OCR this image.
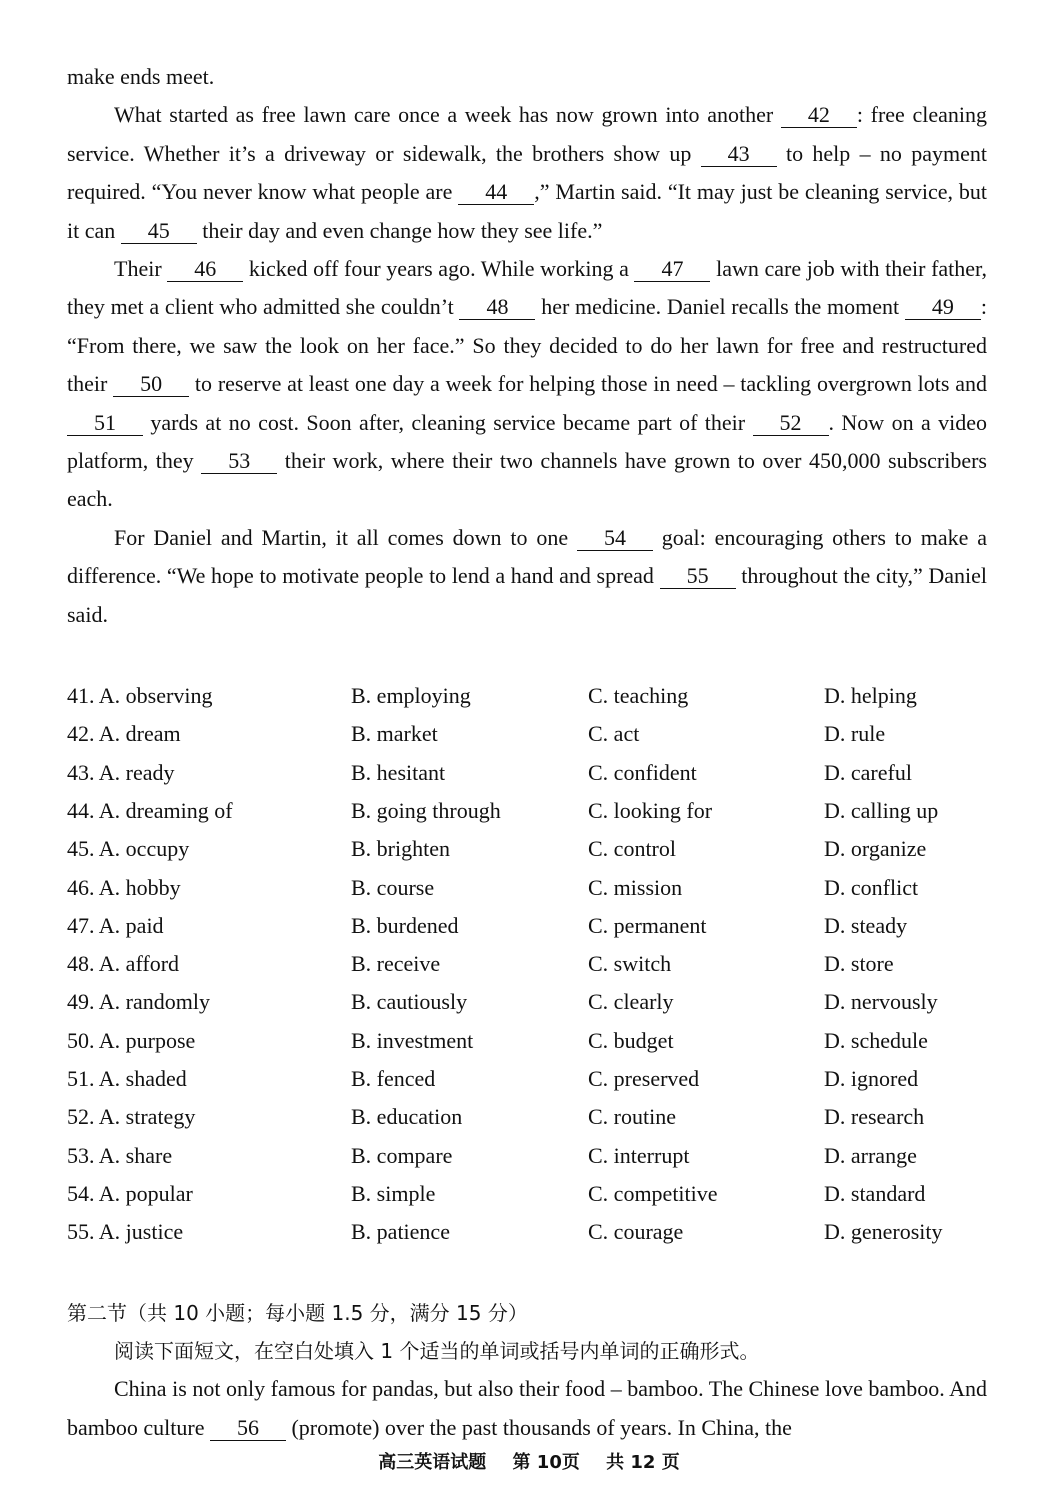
make ends meet.

What started as free lawn care once a week has now grown into another 42 : free cleaning service. Whether it’s a driveway or sidewalk, the brothers show up 43 to help – no payment required. “You never know what people are 44 ,” Martin said. “It may just be cleaning service, but it can 45 their day and even change how they see life.”

Their 46 kicked off four years ago. While working a 47 lawn care job with their father, they met a client who admitted she couldn’t 48 her medicine. Daniel recalls the moment 49 : “From there, we saw the look on her face.” So they decided to do her lawn for free and restructured their 50 to reserve at least one day a week for helping those in need – tackling overgrown lots and 51 yards at no cost. Soon after, cleaning service became part of their 52 . Now on a video platform, they 53 their work, where their two channels have grown to over 450,000 subscribers each.

For Daniel and Martin, it all comes down to one 54 goal: encouraging others to make a difference. “We hope to motivate people to lend a hand and spread 55 throughout the city,” Daniel said.

41. A. observing	B. employing	C. teaching	D. helping
42. A. dream	B. market	C. act	D. rule
43. A. ready	B. hesitant	C. confident	D. careful
44. A. dreaming of	B. going through	C. looking for	D. calling up
45. A. occupy	B. brighten	C. control	D. organize
46. A. hobby	B. course	C. mission	D. conflict
47. A. paid	B. burdened	C. permanent	D. steady
48. A. afford	B. receive	C. switch	D. store
49. A. randomly	B. cautiously	C. clearly	D. nervously
50. A. purpose	B. investment	C. budget	D. schedule
51. A. shaded	B. fenced	C. preserved	D. ignored
52. A. strategy	B. education	C. routine	D. research
53. A. share	B. compare	C. interrupt	D. arrange
54. A. popular	B. simple	C. competitive	D. standard
55. A. justice	B. patience	C. courage	D. generosity

第二节（共 10 小题；每小题 1.5 分，满分 15 分）

阅读下面短文，在空白处填入 1 个适当的单词或括号内单词的正确形式。

China is not only famous for pandas, but also their food – bamboo. The Chinese love bamboo. And bamboo culture 56 (promote) over the past thousands of years. In China, the

高三英语试题 第 10页 共 12 页
